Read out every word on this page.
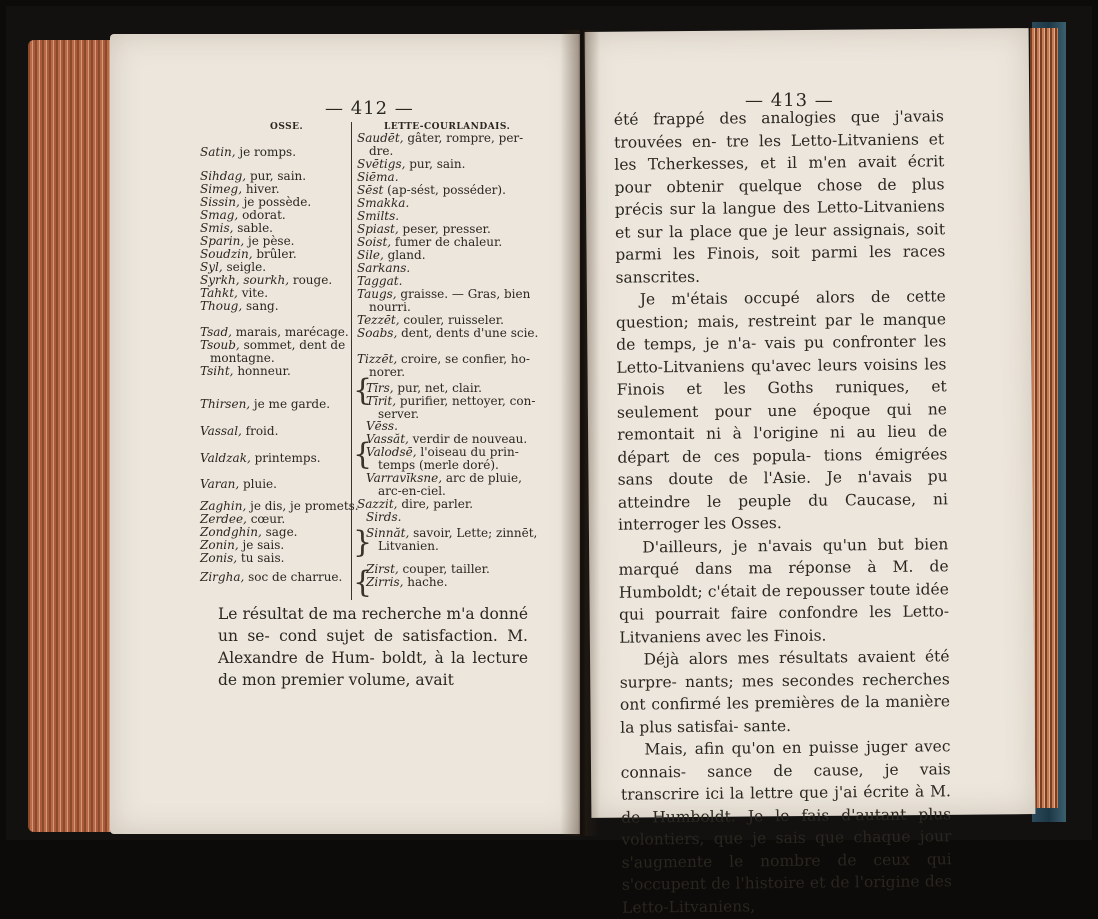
— 412 —
OSSE.	LETTE-COURLANDAIS.
{
{
}
{
Le résultat de ma recherche m'a donné un se- cond sujet de satisfaction. M. Alexandre de Hum- boldt, à la lecture de mon premier volume, avait
— 413 —

été frappé des analogies que j'avais trouvées en- tre les Letto-Litvaniens et les Tcherkesses, et il m'en avait écrit pour obtenir quelque chose de plus précis sur la langue des Letto-Litvaniens et sur la place que je leur assignais, soit parmi les Finois, soit parmi les races sanscrites.

Je m'étais occupé alors de cette question; mais, restreint par le manque de temps, je n'a- vais pu confronter les Letto-Litvaniens qu'avec leurs voisins les Finois et les Goths runiques, et seulement pour une époque qui ne remontait ni à l'origine ni au lieu de départ de ces popula- tions émigrées sans doute de l'Asie. Je n'avais pu atteindre le peuple du Caucase, ni interroger les Osses.

D'ailleurs, je n'avais qu'un but bien marqué dans ma réponse à M. de Humboldt; c'était de repousser toute idée qui pourrait faire confondre les Letto-Litvaniens avec les Finois.

Déjà alors mes résultats avaient été surpre- nants; mes secondes recherches ont confirmé les premières de la manière la plus satisfai- sante.

Mais, afin qu'on en puisse juger avec connais- sance de cause, je vais transcrire ici la lettre que j'ai écrite à M. de Humboldt. Je le fais d'autant plus volontiers, que je sais que chaque jour s'augmente le nombre de ceux qui s'occupent de l'histoire et de l'origine des Letto-Litvaniens,

Satin, je romps.
Sihdag, pur, sain.
Simeg, hiver.
Sissin, je possède.
Smag, odorat.
Smis, sable.
Sparin, je pèse.
Soudzin, brûler.
Syl, seigle.
Syrkh, sourkh, rouge.
Tahkt, vite.
Thoug, sang.
Tsad, marais, marécage.
Tsoub, sommet, dent de
montagne.
Tsiht, honneur.
Thirsen, je me garde.
Vassal, froid.
Valdzak, printemps.
Varan, pluie.
Zaghin, je dis, je promets.
Zerdee, cœur.
Zondghin, sage.
Zonin, je sais.
Zonis, tu sais.
Zirgha, soc de charrue.
Saudēt, gâter, rompre, per-
dre.
Svētigs, pur, sain.
Siēma.
Sēst (ap-sést, posséder).
Smakka.
Smilts.
Spiast, peser, presser.
Soist, fumer de chaleur.
Sile, gland.
Sarkans.
Taggat.
Taugs, graisse. — Gras, bien
nourri.
Tezzēt, couler, ruisseler.
Soabs, dent, dents d'une scie.
Tizzēt, croire, se confier, ho-
norer.
Tīrs, pur, net, clair.
Tīrit, purifier, nettoyer, con-
server.
Vēss.
Vassăt, verdir de nouveau.
Valodsē, l'oiseau du prin-
temps (merle doré).
Varravīksne, arc de pluie,
arc-en-ciel.
Sazzit, dire, parler.
Sirds.
Sinnăt, savoir, Lette; zinnēt,
Litvanien.
Zirst, couper, tailler.
Zirris, hache.
